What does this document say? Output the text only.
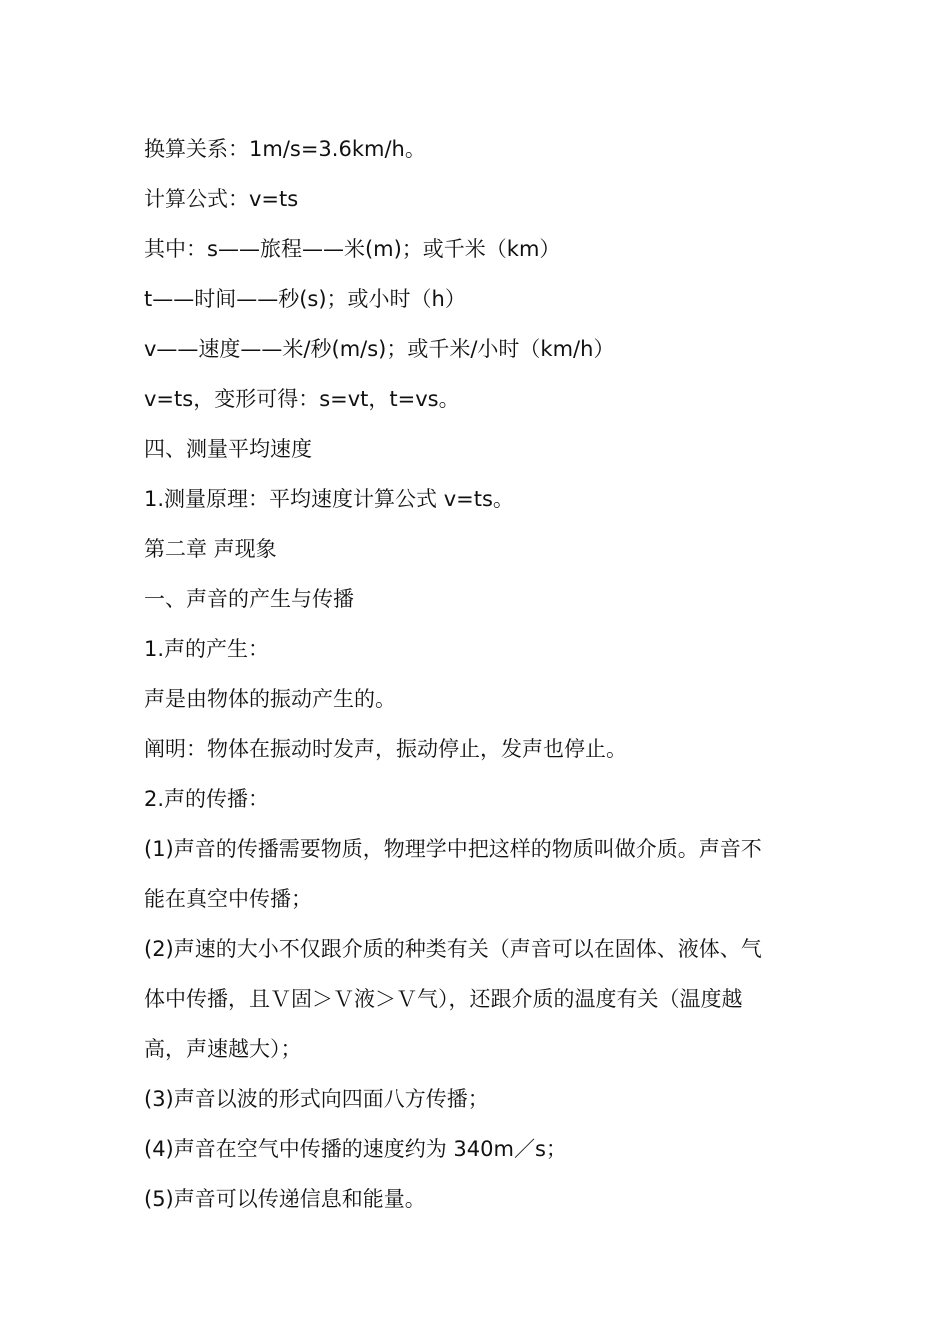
换算关系：1m/s=3.6km/h。

计算公式：v=ts

其中：s——旅程——米(m)；或千米（km）

t——时间——秒(s)；或小时（h）

v——速度——米/秒(m/s)；或千米/小时（km/h）

v=ts，变形可得：s=vt，t=vs。

四、测量平均速度

1.测量原理：平均速度计算公式 v=ts。

第二章 声现象

一、声音的产生与传播

1.声的产生：

声是由物体的振动产生的。

阐明：物体在振动时发声，振动停止，发声也停止。

2.声的传播：

(1)声音的传播需要物质，物理学中把这样的物质叫做介质。声音不

能在真空中传播；

(2)声速的大小不仅跟介质的种类有关（声音可以在固体、液体、气

体中传播，且Ｖ固＞Ｖ液＞Ｖ气），还跟介质的温度有关（温度越

高，声速越大）；

(3)声音以波的形式向四面八方传播；

(4)声音在空气中传播的速度约为 340m／s；

(5)声音可以传递信息和能量。
